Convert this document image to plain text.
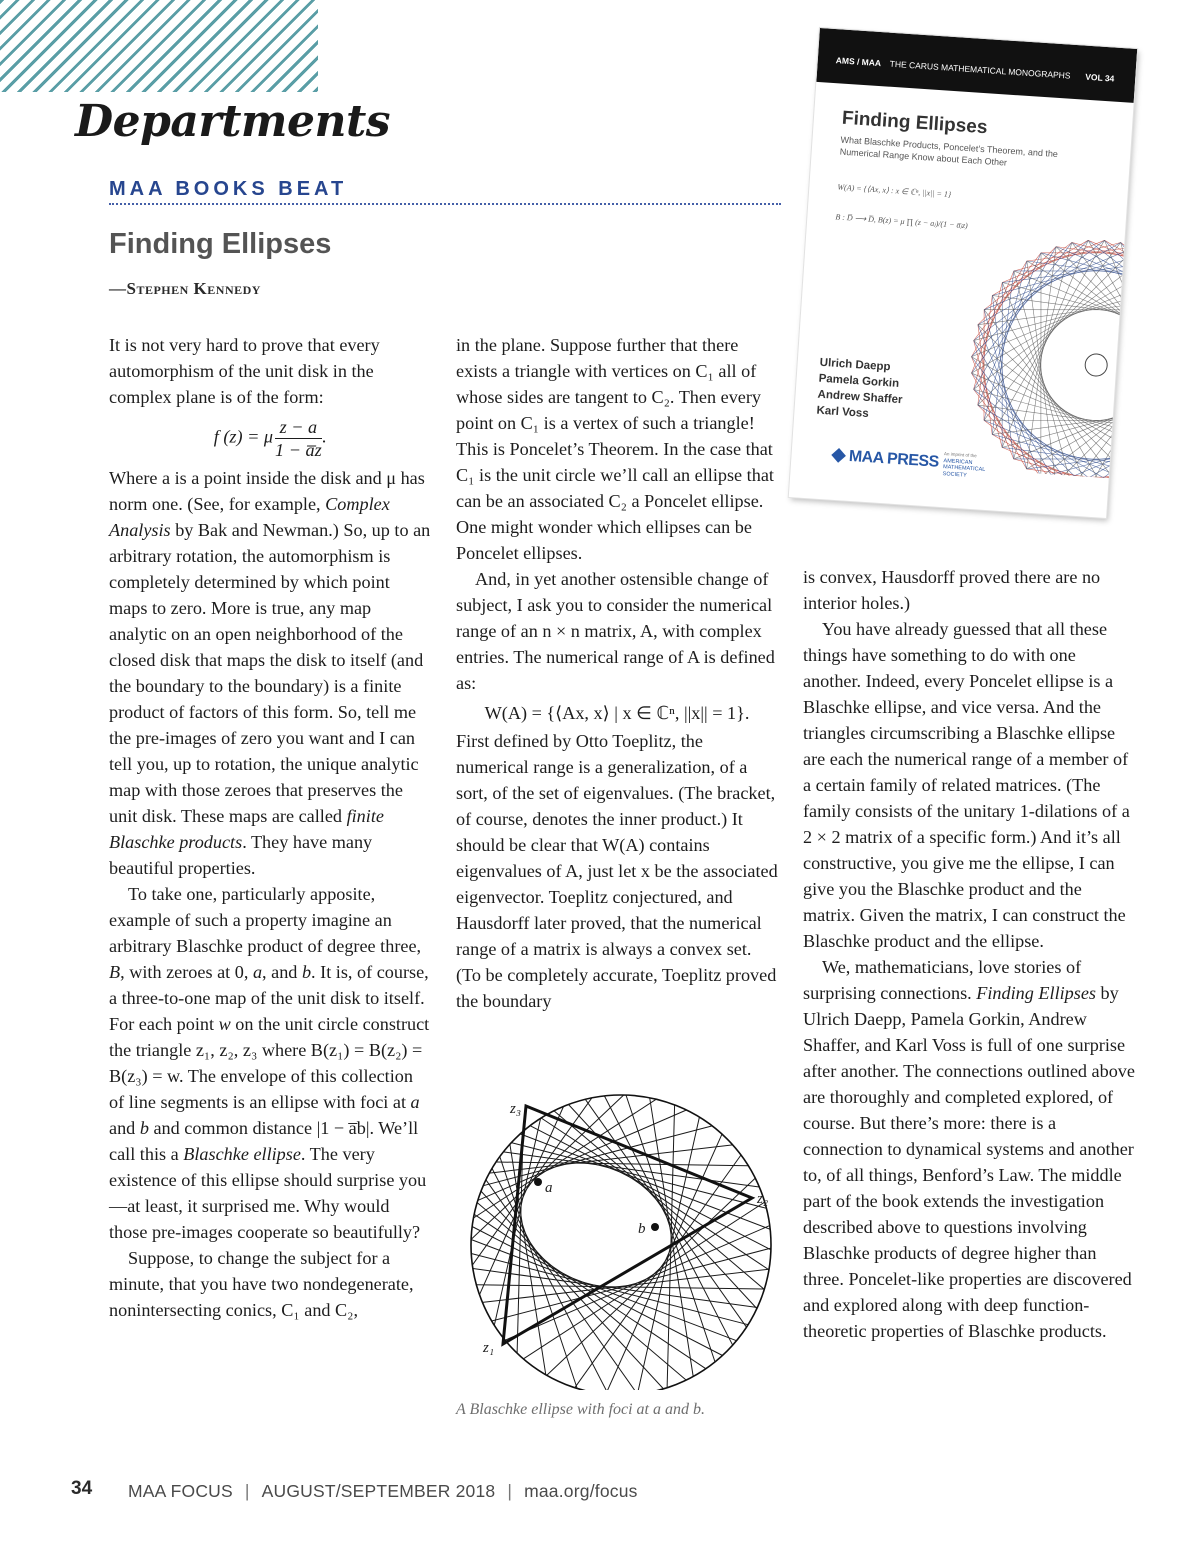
Departments
MAA BOOKS BEAT
Finding Ellipses
—Stephen Kennedy

It is not very hard to prove that every automorphism of the unit disk in the complex plane is of the form:

f (z) = μ $\frac{z - a}{1 - a̅z}$ .

Where a is a point inside the disk and μ has norm one. (See, for example, Complex Analysis by Bak and Newman.) So, up to an arbitrary rotation, the automorphism is completely determined by which point maps to zero. More is true, any map analytic on an open neighborhood of the closed disk that maps the disk to itself (and the boundary to the boundary) is a finite product of factors of this form. So, tell me the pre-images of zero you want and I can tell you, up to rotation, the unique analytic map with those zeroes that preserves the unit disk. These maps are called finite Blaschke products. They have many beautiful properties.

To take one, particularly apposite, example of such a property imagine an arbitrary Blaschke product of degree three, B, with zeroes at 0, a, and b. It is, of course, a three-to-one map of the unit disk to itself. For each point w on the unit circle construct the triangle z₁, z₂, z₃ where B(z₁) = B(z₂) = B(z₃) = w. The envelope of this collection of line segments is an ellipse with foci at a and b and common distance |1 − a̅b|. We’ll call this a Blaschke ellipse. The very existence of this ellipse should surprise you—at least, it surprised me. Why would those pre-images cooperate so beautifully?

Suppose, to change the subject for a minute, that you have two nondegenerate, nonintersecting conics, C₁ and C₂,

in the plane. Suppose further that there exists a triangle with vertices on C₁ all of whose sides are tangent to C₂. Then every point on C₁ is a vertex of such a triangle! This is Poncelet’s Theorem. In the case that C₁ is the unit circle we’ll call an ellipse that can be an associated C₂ a Poncelet ellipse. One might wonder which ellipses can be Poncelet ellipses.

And, in yet another ostensible change of subject, I ask you to consider the numerical range of an n × n matrix, A, with complex entries. The numerical range of A is defined as:

W(A) = {⟨Ax, x⟩ | x ∈ ℂⁿ, ||x|| = 1}.

First defined by Otto Toeplitz, the numerical range is a generalization, of a sort, of the set of eigenvalues. (The bracket, of course, denotes the inner product.) It should be clear that W(A) contains eigenvalues of A, just let x be the associated eigenvector. Toeplitz conjectured, and Hausdorff later proved, that the numerical range of a matrix is always a convex set. (To be completely accurate, Toeplitz proved the boundary

a
b
z₃
z₂
z₁
A Blaschke ellipse with foci at a and b.

is convex, Hausdorff proved there are no interior holes.)

You have already guessed that all these things have something to do with one another. Indeed, every Poncelet ellipse is a Blaschke ellipse, and vice versa. And the triangles circumscribing a Blaschke ellipse are each the numerical range of a member of a certain family of related matrices. (The family consists of the unitary 1-dilations of a 2 × 2 matrix of a specific form.) And it’s all constructive, you give me the ellipse, I can give you the Blaschke product and the matrix. Given the matrix, I can construct the Blaschke product and the ellipse.

We, mathematicians, love stories of surprising connections. Finding Ellipses by Ulrich Daepp, Pamela Gorkin, Andrew Shaffer, and Karl Voss is full of one surprise after another. The connections outlined above are thoroughly and completed explored, of course. But there’s more: there is a connection to dynamical systems and another to, of all things, Benford’s Law. The middle part of the book extends the investigation described above to questions involving Blaschke products of degree higher than three. Poncelet-like properties are discovered and explored along with deep function-theoretic properties of Blaschke products.

AMS / MAA THE CARUS MATHEMATICAL MONOGRAPHS VOL 34
Finding Ellipses
What Blaschke Products, Poncelet’s Theorem, and the Numerical Range Know about Each Other
W(A) = {⟨Ax, x⟩ : x ∈ ℂⁿ, ||x|| = 1}
B : D̅ ⟶ D̅, B(z) = μ ∏ (z − aⱼ)/(1 − a̅ⱼz)
Ulrich Daepp
Pamela Gorkin
Andrew Shaffer
Karl Voss
◆ MAA PRESS An imprint of the
AMERICAN MATHEMATICAL SOCIETY
34 MAA FOCUS | AUGUST/SEPTEMBER 2018 | maa.org/focus
